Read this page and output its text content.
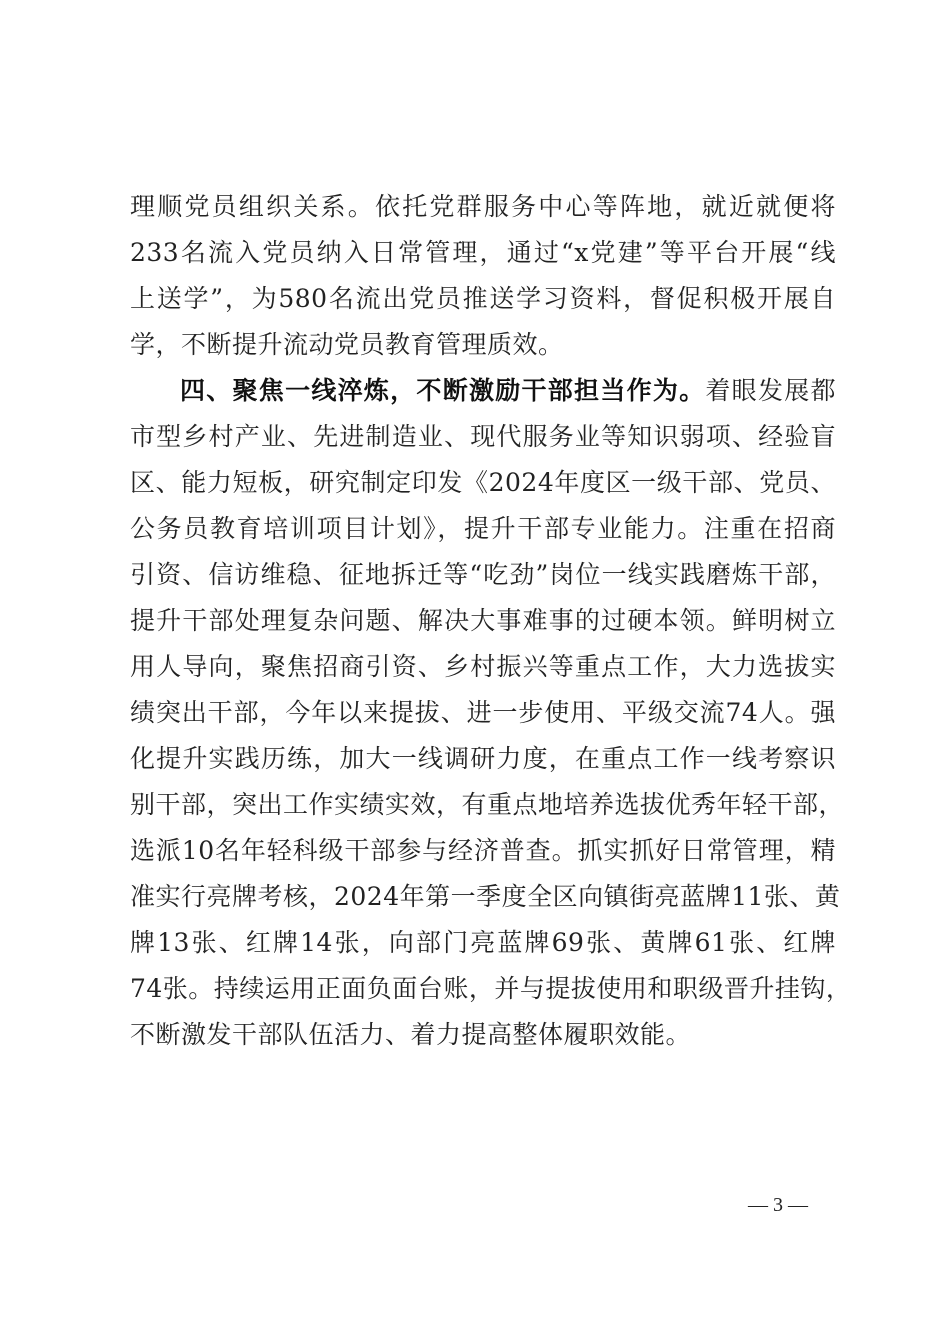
理顺党员组织关系。依托党群服务中心等阵地，就近就便将
233名流入党员纳入日常管理，通过“x党建”等平台开展“线
上送学”，为580名流出党员推送学习资料，督促积极开展自
学，不断提升流动党员教育管理质效。
四、聚焦一线淬炼，不断激励干部担当作为。着眼发展都
市型乡村产业、先进制造业、现代服务业等知识弱项、经验盲
区、能力短板，研究制定印发《2024年度区一级干部、党员、
公务员教育培训项目计划》，提升干部专业能力。注重在招商
引资、信访维稳、征地拆迁等“吃劲”岗位一线实践磨炼干部，
提升干部处理复杂问题、解决大事难事的过硬本领。鲜明树立
用人导向，聚焦招商引资、乡村振兴等重点工作，大力选拔实
绩突出干部，今年以来提拔、进一步使用、平级交流74人。强
化提升实践历练，加大一线调研力度，在重点工作一线考察识
别干部，突出工作实绩实效，有重点地培养选拔优秀年轻干部，
选派10名年轻科级干部参与经济普查。抓实抓好日常管理，精
准实行亮牌考核，2024年第一季度全区向镇街亮蓝牌11张、黄
牌13张、红牌14张，向部门亮蓝牌69张、黄牌61张、红牌
74张。持续运用正面负面台账，并与提拔使用和职级晋升挂钩，
不断激发干部队伍活力、着力提高整体履职效能。
— 3 —
